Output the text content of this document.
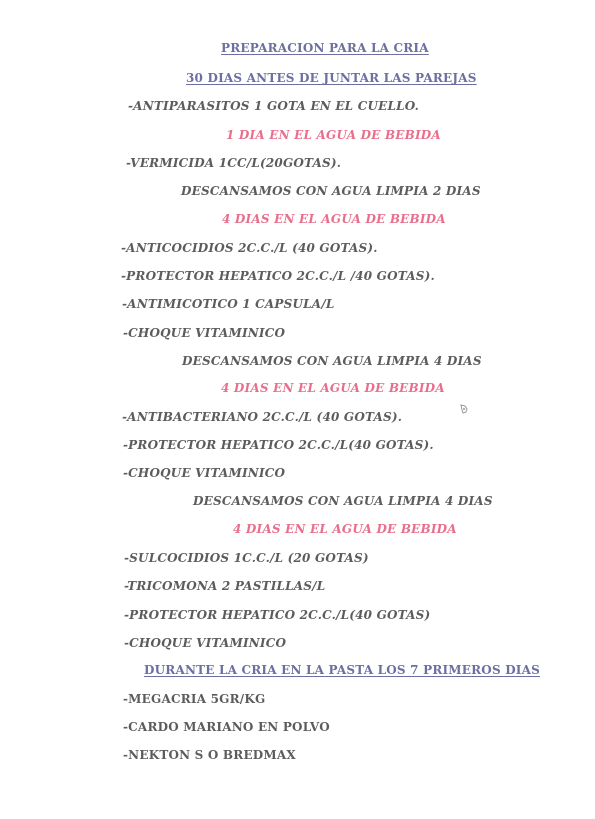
PREPARACION PARA LA CRIA
30 DIAS ANTES DE JUNTAR LAS PAREJAS
-ANTIPARASITOS 1 GOTA EN EL CUELLO.
1 DIA EN EL AGUA DE BEBIDA
-VERMICIDA 1CC/L(20GOTAS).
DESCANSAMOS CON AGUA LIMPIA 2 DIAS
4 DIAS EN EL AGUA DE BEBIDA
-ANTICOCIDIOS 2C.C./L (40 GOTAS).
-PROTECTOR HEPATICO 2C.C./L /40 GOTAS).
-ANTIMICOTICO 1 CAPSULA/L
-CHOQUE VITAMINICO
DESCANSAMOS CON AGUA LIMPIA 4 DIAS
4 DIAS EN EL AGUA DE BEBIDA
-ANTIBACTERIANO 2C.C./L (40 GOTAS).
-PROTECTOR HEPATICO 2C.C./L(40 GOTAS).
-CHOQUE VITAMINICO
DESCANSAMOS CON AGUA LIMPIA 4 DIAS
4 DIAS EN EL AGUA DE BEBIDA
-SULCOCIDIOS 1C.C./L (20 GOTAS)
-TRICOMONA 2 PASTILLAS/L
-PROTECTOR HEPATICO 2C.C./L(40 GOTAS)
-CHOQUE VITAMINICO
DURANTE LA CRIA EN LA PASTA LOS 7 PRIMEROS DIAS
-MEGACRIA 5GR/KG
-CARDO MARIANO EN POLVO
-NEKTON S O BREDMAX
